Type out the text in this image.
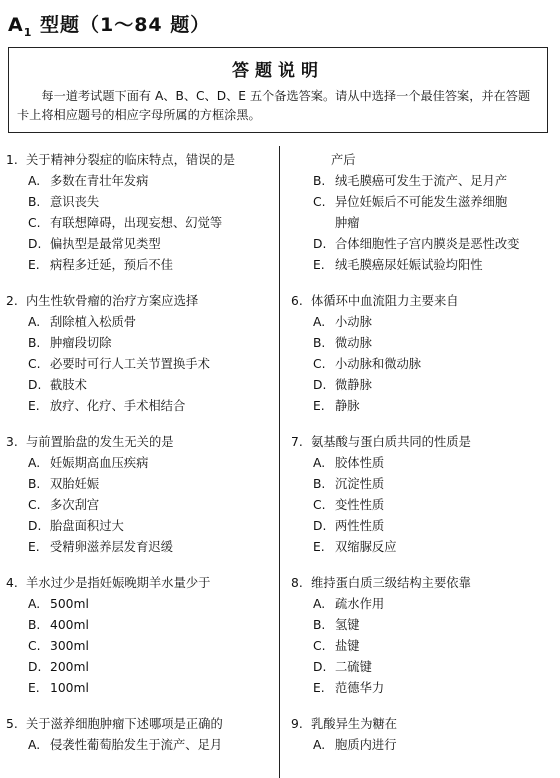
$A_1$ 型题（1～84 题）
答题说明
每一道考试题下面有 A、B、C、D、E 五个备选答案。请从中选择一个最佳答案，并在答题卡上将相应题号的相应字母所属的方框涂黑。
1. 关于精神分裂症的临床特点，错误的是
A. 多数在青壮年发病
B. 意识丧失
C. 有联想障碍，出现妄想、幻觉等
D. 偏执型是最常见类型
E. 病程多迁延，预后不佳
2. 内生性软骨瘤的治疗方案应选择
A. 刮除植入松质骨
B. 肿瘤段切除
C. 必要时可行人工关节置换手术
D. 截肢术
E. 放疗、化疗、手术相结合
3. 与前置胎盘的发生无关的是
A. 妊娠期高血压疾病
B. 双胎妊娠
C. 多次刮宫
D. 胎盘面积过大
E. 受精卵滋养层发育迟缓
4. 羊水过少是指妊娠晚期羊水量少于
A. 500ml
B. 400ml
C. 300ml
D. 200ml
E. 100ml
5. 关于滋养细胞肿瘤下述哪项是正确的
A. 侵袭性葡萄胎发生于流产、足月
产后
B. 绒毛膜癌可发生于流产、足月产
C. 异位妊娠后不可能发生滋养细胞
肿瘤
D. 合体细胞性子宫内膜炎是恶性改变
E. 绒毛膜癌尿妊娠试验均阳性
6. 体循环中血流阻力主要来自
A. 小动脉
B. 微动脉
C. 小动脉和微动脉
D. 微静脉
E. 静脉
7. 氨基酸与蛋白质共同的性质是
A. 胶体性质
B. 沉淀性质
C. 变性性质
D. 两性性质
E. 双缩脲反应
8. 维持蛋白质三级结构主要依靠
A. 疏水作用
B. 氢键
C. 盐键
D. 二硫键
E. 范德华力
9. 乳酸异生为糖在
A. 胞质内进行
